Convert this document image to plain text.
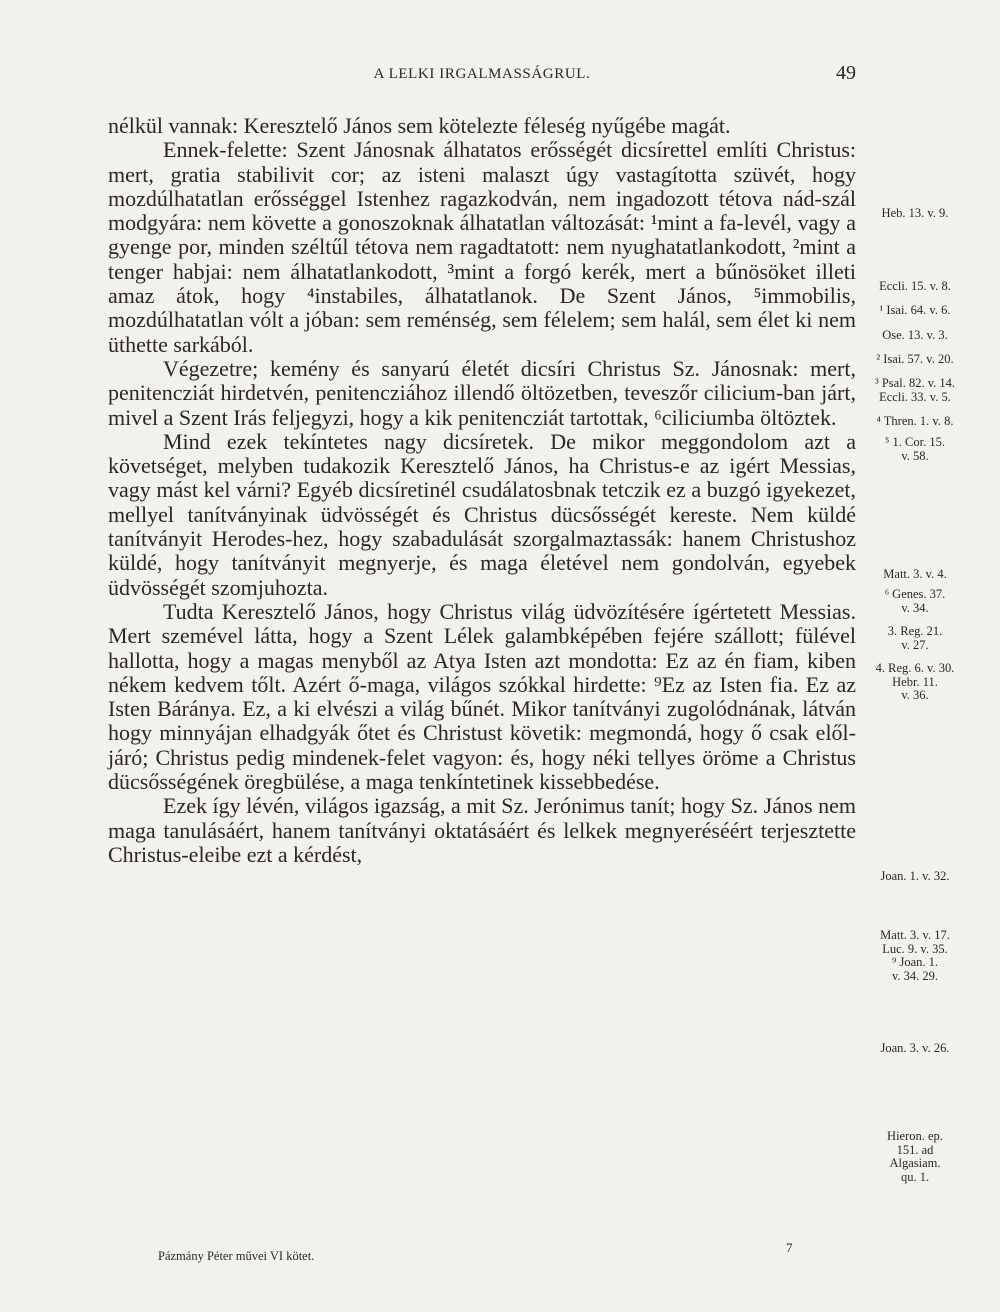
A LELKI IRGALMASSÁGRUL.	49

nélkül vannak: Keresztelő János sem kötelezte féleség nyűgébe magát.

Ennek-felette: Szent Jánosnak álhatatos erősségét dicsírettel említi Christus: mert, gratia stabilivit cor; az isteni malaszt úgy vastagította szüvét, hogy mozdúlhatatlan erősséggel Istenhez ragazkodván, nem ingadozott tétova nád-szál modgyára: nem követte a gonoszoknak álhatatlan változását: ¹mint a fa-levél, vagy a gyenge por, minden széltűl tétova nem ragadtatott: nem nyughatatlankodott, ²mint a tenger habjai: nem álhatatlankodott, ³mint a forgó kerék, mert a bűnösöket illeti amaz átok, hogy ⁴instabiles, álhatatlanok. De Szent János, ⁵immobilis, mozdúlhatatlan vólt a jóban: sem reménség, sem félelem; sem halál, sem élet ki nem üthette sarkából.

Végezetre; kemény és sanyarú életét dicsíri Christus Sz. Jánosnak: mert, penitencziát hirdetvén, penitencziához illendő öltözetben, teveszőr cilicium-ban járt, mivel a Szent Irás feljegyzi, hogy a kik penitencziát tartottak, ⁶ciliciumba öltöztek.

Mind ezek tekíntetes nagy dicsíretek. De mikor meggondolom azt a követséget, melyben tudakozik Keresztelő János, ha Christus-e az igért Messias, vagy mást kel várni? Egyéb dicsíretinél csudálatosbnak tetczik ez a buzgó igyekezet, mellyel tanítványinak üdvösségét és Christus dücsősségét kereste. Nem küldé tanítványit Herodes-hez, hogy szabadulását szorgalmaztassák: hanem Christushoz küldé, hogy tanítványit megnyerje, és maga életével nem gondolván, egyebek üdvösségét szomjuhozta.

Tudta Keresztelő János, hogy Christus világ üdvözítésére ígértetett Messias. Mert szemével látta, hogy a Szent Lélek galambképében fejére szállott; fülével hallotta, hogy a magas menyből az Atya Isten azt mondotta: Ez az én fiam, kiben nékem kedvem tőlt. Azért ő-maga, világos szókkal hirdette: ⁹Ez az Isten fia. Ez az Isten Báránya. Ez, a ki elvészi a világ bűnét. Mikor tanítványi zugolódnának, látván hogy minnyájan elhadgyák őtet és Christust követik: megmondá, hogy ő csak elől-járó; Christus pedig mindenek-felet vagyon: és, hogy néki tellyes öröme a Christus dücsősségének öregbülése, a maga tenkíntetinek kissebbedése.

Ezek így lévén, világos igazság, a mit Sz. Jerónimus tanít; hogy Sz. János nem maga tanulásáért, hanem tanítványi oktatásáért és lelkek megnyeréséért terjesztette Christus-eleibe ezt a kérdést,

Heb. 13. v. 9.
Eccli. 15. v. 8.
¹ Isai. 64. v. 6.
Ose. 13. v. 3.
² Isai. 57. v. 20.
³ Psal. 82. v. 14.
Eccli. 33. v. 5.
⁴ Thren. 1. v. 8.
⁵ 1. Cor. 15.
v. 58.
Matt. 3. v. 4.
⁶ Genes. 37.
v. 34.
3. Reg. 21.
v. 27.
4. Reg. 6. v. 30.
Hebr. 11.
v. 36.
Joan. 1. v. 32.
Matt. 3. v. 17.
Luc. 9. v. 35.
⁹ Joan. 1.
v. 34. 29.
Joan. 3. v. 26.
Hieron. ep.
151. ad
Algasiam.
qu. 1.
Pázmány Péter művei VI kötet.
7
